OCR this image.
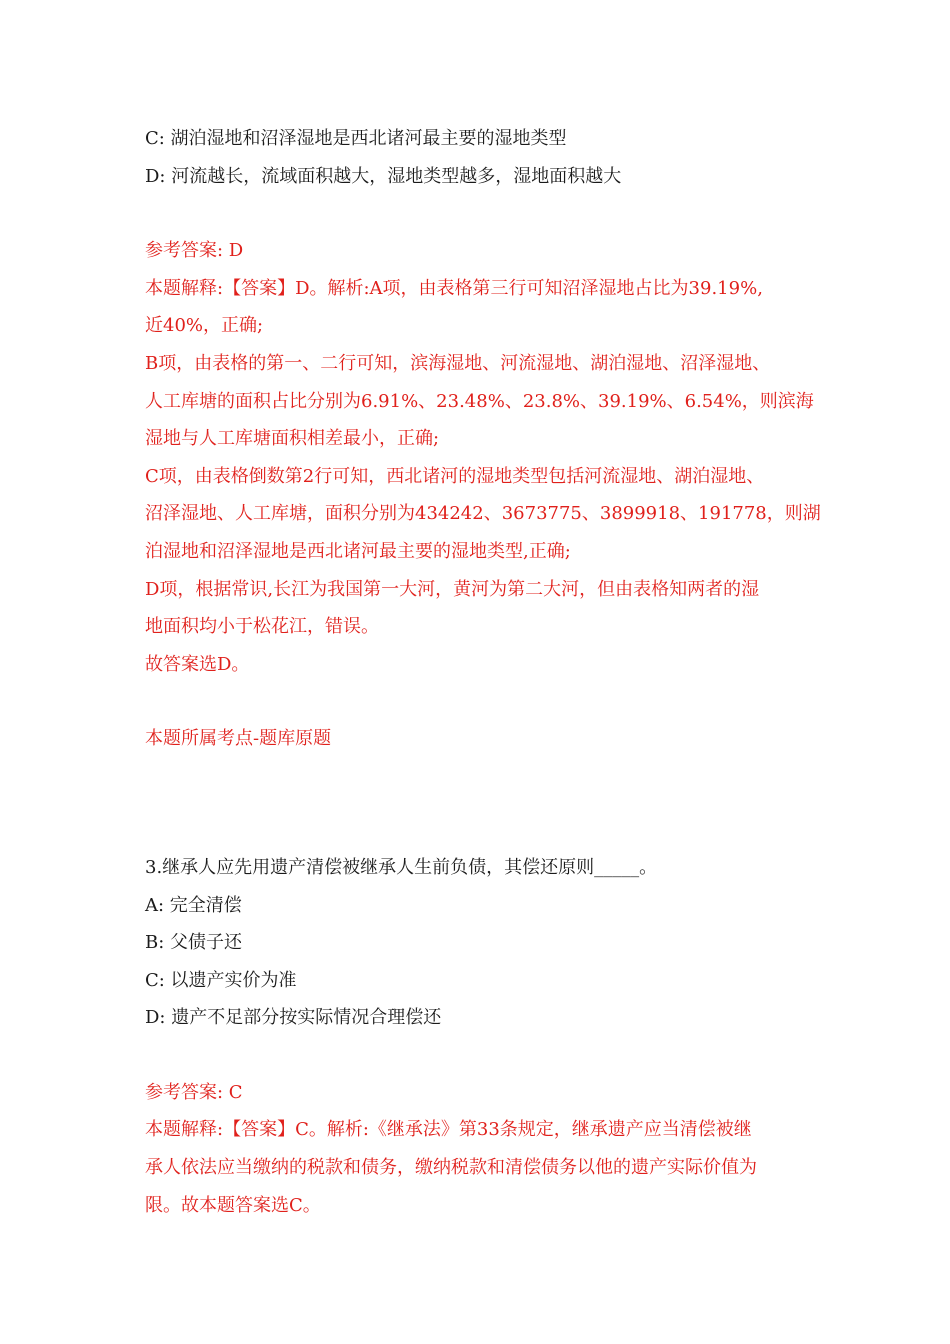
C: 湖泊湿地和沼泽湿地是西北诸河最主要的湿地类型
D: 河流越长，流域面积越大，湿地类型越多，湿地面积越大
参考答案: D
本题解释:【答案】D。解析:A项，由表格第三行可知沼泽湿地占比为39.19%,
近40%，正确;
B项，由表格的第一、二行可知，滨海湿地、河流湿地、湖泊湿地、沼泽湿地、
人工库塘的面积占比分别为6.91%、23.48%、23.8%、39.19%、6.54%，则滨海
湿地与人工库塘面积相差最小，正确;
C项，由表格倒数第2行可知，西北诸河的湿地类型包括河流湿地、湖泊湿地、
沼泽湿地、人工库塘，面积分别为434242、3673775、3899918、191778，则湖
泊湿地和沼泽湿地是西北诸河最主要的湿地类型,正确;
D项，根据常识,长江为我国第一大河，黄河为第二大河，但由表格知两者的湿
地面积均小于松花江，错误。
故答案选D。
本题所属考点-题库原题
3.继承人应先用遗产清偿被继承人生前负债，其偿还原则_____。
A: 完全清偿
B: 父债子还
C: 以遗产实价为准
D: 遗产不足部分按实际情况合理偿还
参考答案: C
本题解释:【答案】C。解析:《继承法》第33条规定，继承遗产应当清偿被继
承人依法应当缴纳的税款和债务，缴纳税款和清偿债务以他的遗产实际价值为
限。故本题答案选C。
